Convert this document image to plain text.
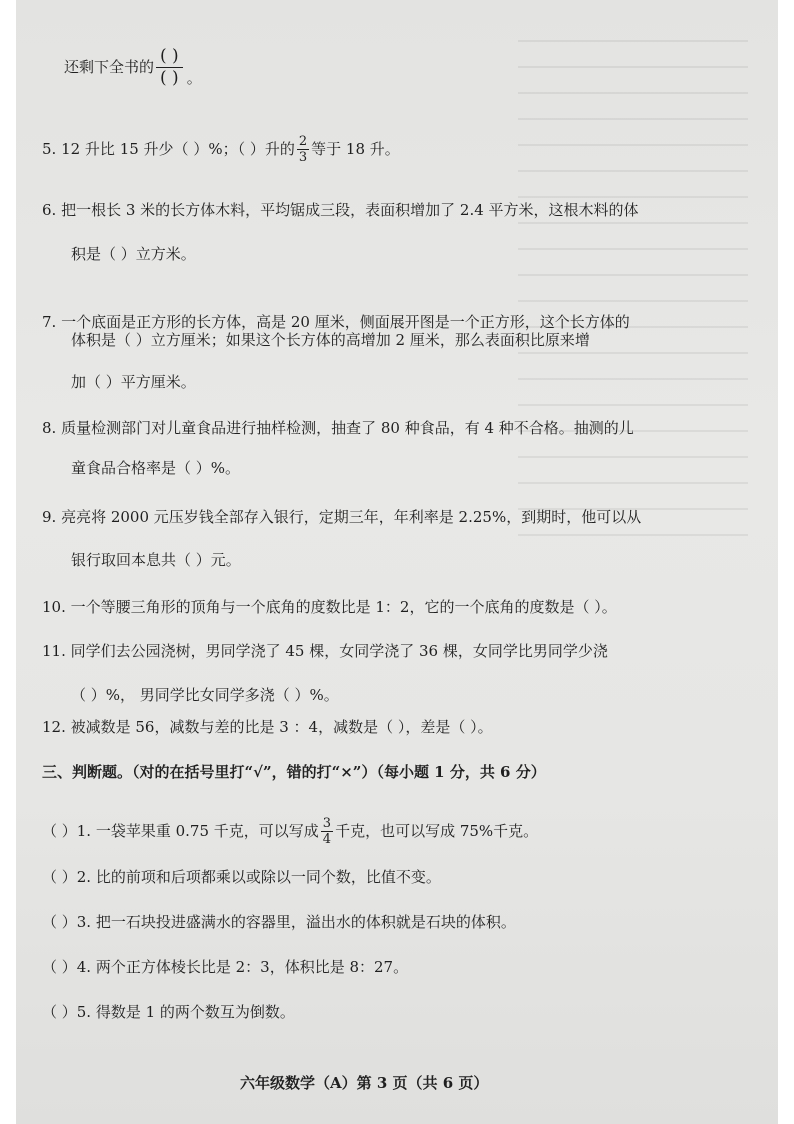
还剩下全书的 $\frac{( )}{( )}$ 。
5. 12 升比 15 升少（ ）%；（ ）升的 $\frac{2}{3}$ 等于 18 升。
6. 把一根长 3 米的长方体木料，平均锯成三段，表面积增加了 2.4 平方米，这根木料的体
积是（ ）立方米。
7. 一个底面是正方形的长方体，高是 20 厘米，侧面展开图是一个正方形，这个长方体的
体积是（ ）立方厘米；如果这个长方体的高增加 2 厘米，那么表面积比原来增
加（ ）平方厘米。
8. 质量检测部门对儿童食品进行抽样检测，抽查了 80 种食品，有 4 种不合格。抽测的儿
童食品合格率是（ ）%。
9. 亮亮将 2000 元压岁钱全部存入银行，定期三年，年利率是 2.25%，到期时，他可以从
银行取回本息共（ ）元。
10. 一个等腰三角形的顶角与一个底角的度数比是 1：2，它的一个底角的度数是（ ）。
11. 同学们去公园浇树，男同学浇了 45 棵，女同学浇了 36 棵，女同学比男同学少浇
（ ）%， 男同学比女同学多浇（ ）%。
12. 被减数是 56，减数与差的比是 3 ：4，减数是（ ），差是（ ）。
三、判断题。（对的在括号里打“√”，错的打“×”）（每小题 1 分，共 6 分）
（ ）1. 一袋苹果重 0.75 千克，可以写成 $\frac{3}{4}$ 千克，也可以写成 75%千克。
（ ）2. 比的前项和后项都乘以或除以一同个数，比值不变。
（ ）3. 把一石块投进盛满水的容器里，溢出水的体积就是石块的体积。
（ ）4. 两个正方体棱长比是 2：3，体积比是 8：27。
（ ）5. 得数是 1 的两个数互为倒数。
六年级数学（A）第 3 页（共 6 页）
